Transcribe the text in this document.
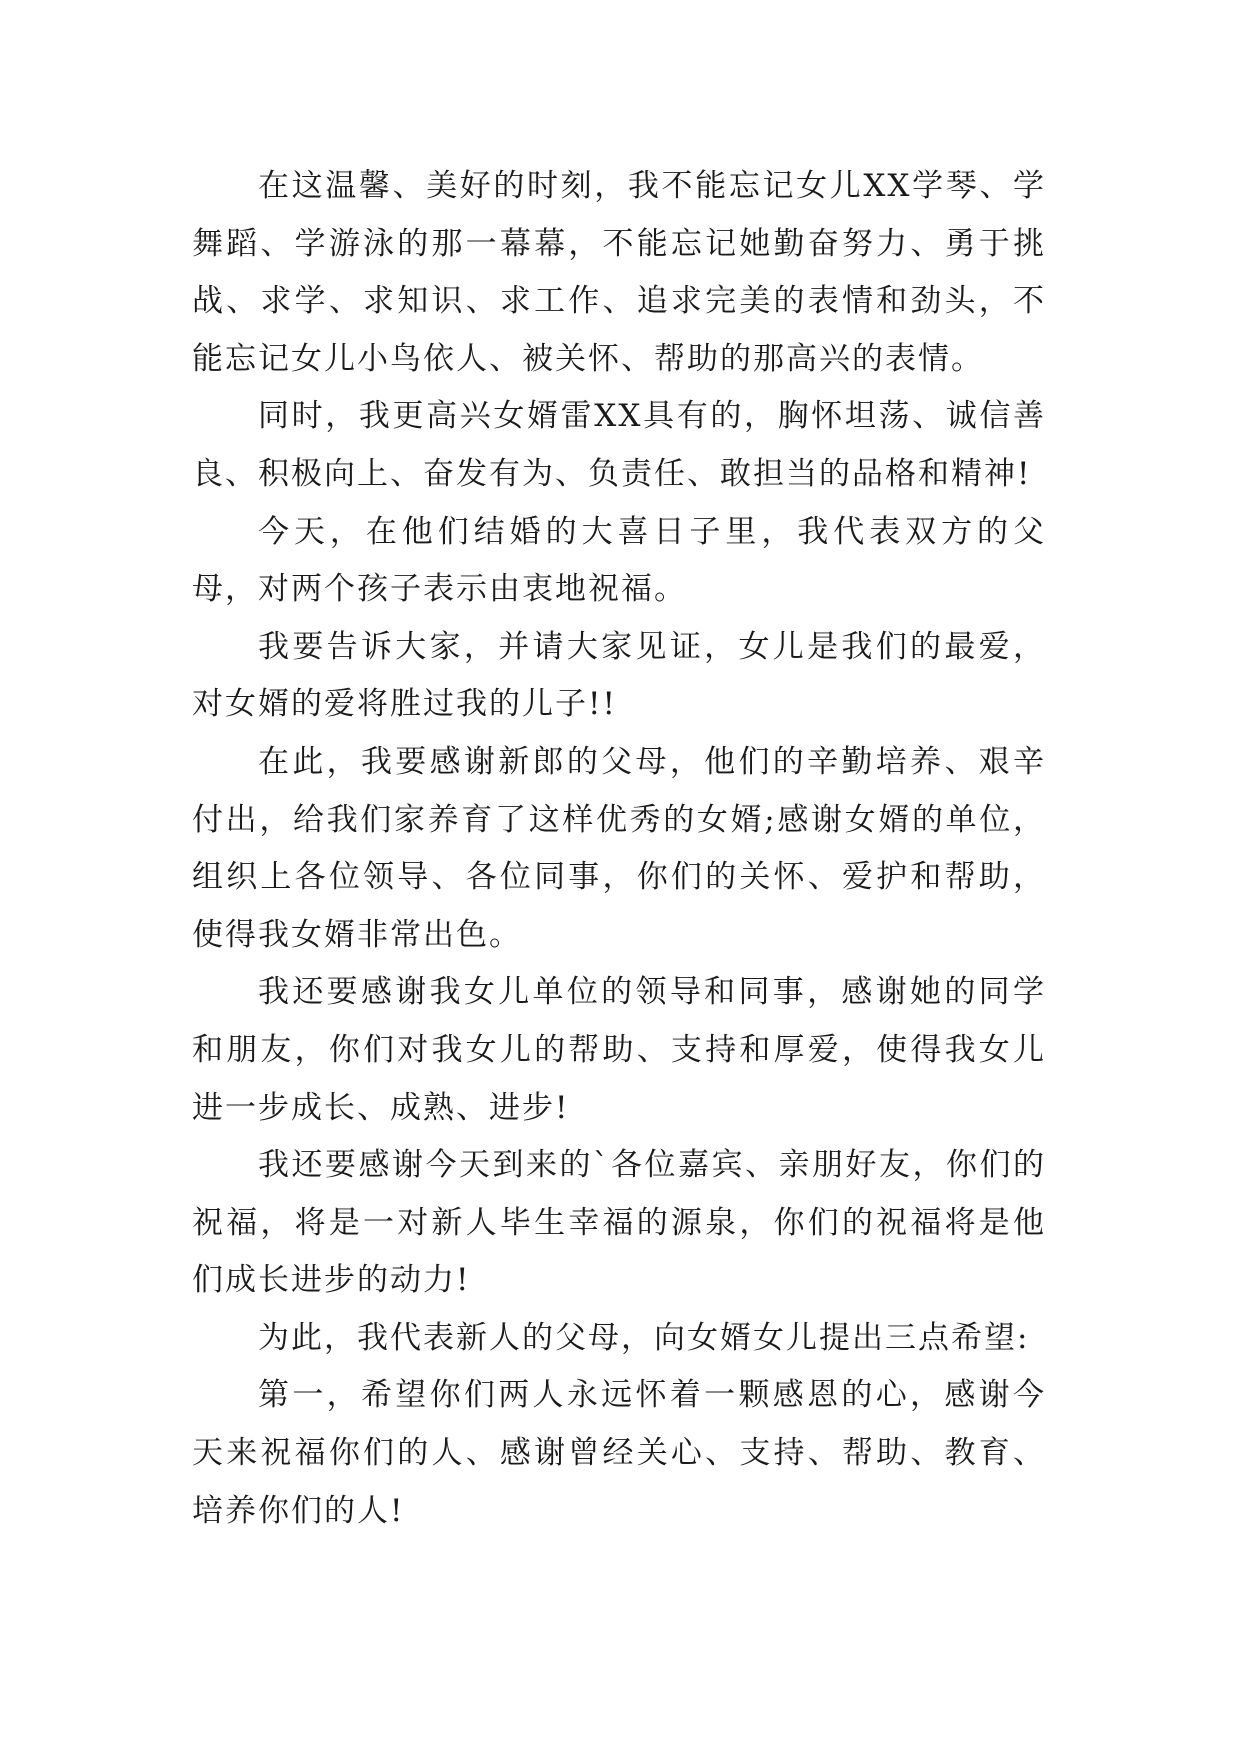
在这温馨、美好的时刻，我不能忘记女儿XX学琴、学舞蹈、学游泳的那一幕幕，不能忘记她勤奋努力、勇于挑战、求学、求知识、求工作、追求完美的表情和劲头，不能忘记女儿小鸟依人、被关怀、帮助的那高兴的表情。

同时，我更高兴女婿雷XX具有的，胸怀坦荡、诚信善良、积极向上、奋发有为、负责任、敢担当的品格和精神!

今天，在他们结婚的大喜日子里，我代表双方的父母，对两个孩子表示由衷地祝福。

我要告诉大家，并请大家见证，女儿是我们的最爱，对女婿的爱将胜过我的儿子!!

在此，我要感谢新郎的父母，他们的辛勤培养、艰辛付出，给我们家养育了这样优秀的女婿;感谢女婿的单位，组织上各位领导、各位同事，你们的关怀、爱护和帮助，使得我女婿非常出色。

我还要感谢我女儿单位的领导和同事，感谢她的同学和朋友，你们对我女儿的帮助、支持和厚爱，使得我女儿进一步成长、成熟、进步!

我还要感谢今天到来的`各位嘉宾、亲朋好友，你们的祝福，将是一对新人毕生幸福的源泉，你们的祝福将是他们成长进步的动力!

为此，我代表新人的父母，向女婿女儿提出三点希望:

第一，希望你们两人永远怀着一颗感恩的心，感谢今天来祝福你们的人、感谢曾经关心、支持、帮助、教育、培养你们的人!
